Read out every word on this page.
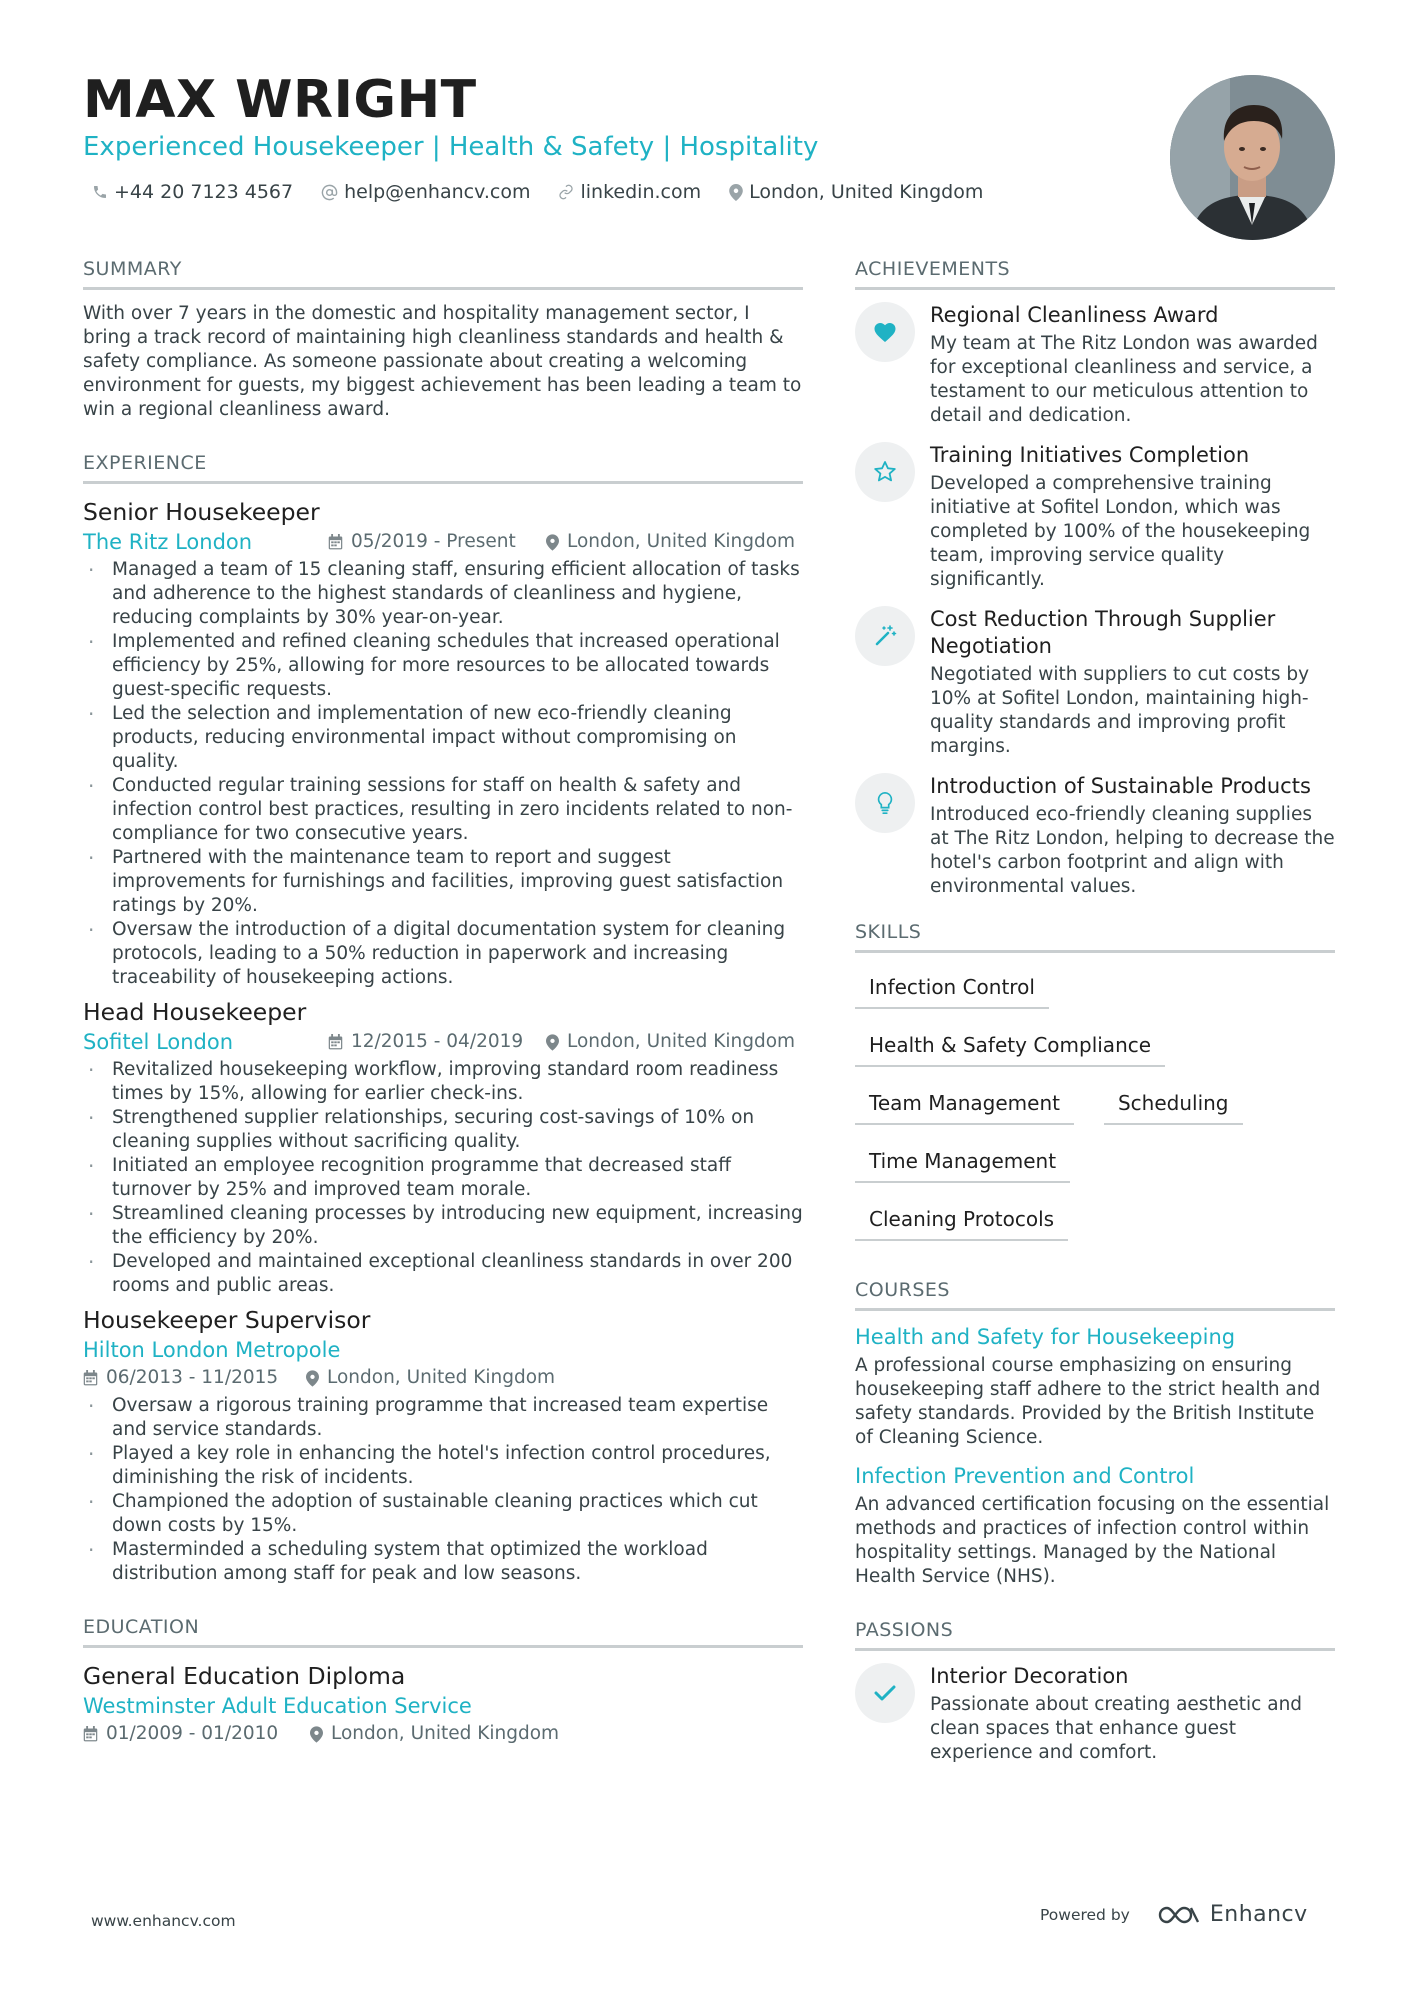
MAX WRIGHT
Experienced Housekeeper | Health & Safety | Hospitality
+44 20 7123 4567	help@enhancv.com	linkedin.com	London, United Kingdom
SUMMARY
With over 7 years in the domestic and hospitality management sector, I bring a track record of maintaining high cleanliness standards and health & safety compliance. As someone passionate about creating a welcoming environment for guests, my biggest achievement has been leading a team to win a regional cleanliness award.
EXPERIENCE
Senior Housekeeper
The Ritz London	05/2019 - Present	London, United Kingdom
· Managed a team of 15 cleaning staff, ensuring efficient allocation of tasks and adherence to the highest standards of cleanliness and hygiene, reducing complaints by 30% year-on-year.
· Implemented and refined cleaning schedules that increased operational efficiency by 25%, allowing for more resources to be allocated towards guest-specific requests.
· Led the selection and implementation of new eco-friendly cleaning products, reducing environmental impact without compromising on quality.
· Conducted regular training sessions for staff on health & safety and infection control best practices, resulting in zero incidents related to non-compliance for two consecutive years.
· Partnered with the maintenance team to report and suggest improvements for furnishings and facilities, improving guest satisfaction ratings by 20%.
· Oversaw the introduction of a digital documentation system for cleaning protocols, leading to a 50% reduction in paperwork and increasing traceability of housekeeping actions.
Head Housekeeper
Sofitel London	12/2015 - 04/2019 London, United Kingdom
· Revitalized housekeeping workflow, improving standard room readiness times by 15%, allowing for earlier check-ins.
· Strengthened supplier relationships, securing cost-savings of 10% on cleaning supplies without sacrificing quality.
· Initiated an employee recognition programme that decreased staff turnover by 25% and improved team morale.
· Streamlined cleaning processes by introducing new equipment, increasing the efficiency by 20%.
· Developed and maintained exceptional cleanliness standards in over 200 rooms and public areas.
Housekeeper Supervisor
Hilton London Metropole
06/2013 - 11/2015	London, United Kingdom
· Oversaw a rigorous training programme that increased team expertise and service standards.
· Played a key role in enhancing the hotel's infection control procedures, diminishing the risk of incidents.
· Championed the adoption of sustainable cleaning practices which cut down costs by 15%.
· Masterminded a scheduling system that optimized the workload distribution among staff for peak and low seasons.
EDUCATION
General Education Diploma
Westminster Adult Education Service
01/2009 - 01/2010	London, United Kingdom
ACHIEVEMENTS
Regional Cleanliness Award
My team at The Ritz London was awarded for exceptional cleanliness and service, a testament to our meticulous attention to detail and dedication.
Training Initiatives Completion
Developed a comprehensive training initiative at Sofitel London, which was completed by 100% of the housekeeping team, improving service quality significantly.
Cost Reduction Through Supplier Negotiation
Negotiated with suppliers to cut costs by 10% at Sofitel London, maintaining high-quality standards and improving profit margins.
Introduction of Sustainable Products
Introduced eco-friendly cleaning supplies at The Ritz London, helping to decrease the hotel's carbon footprint and align with environmental values.
SKILLS
Infection Control
Health & Safety Compliance
Team Management	Scheduling
Time Management
Cleaning Protocols
COURSES
Health and Safety for Housekeeping
A professional course emphasizing on ensuring housekeeping staff adhere to the strict health and safety standards. Provided by the British Institute of Cleaning Science.
Infection Prevention and Control
An advanced certification focusing on the essential methods and practices of infection control within hospitality settings. Managed by the National Health Service (NHS).
PASSIONS
Interior Decoration
Passionate about creating aesthetic and clean spaces that enhance guest experience and comfort.
www.enhancv.com	Powered by	Enhancv
